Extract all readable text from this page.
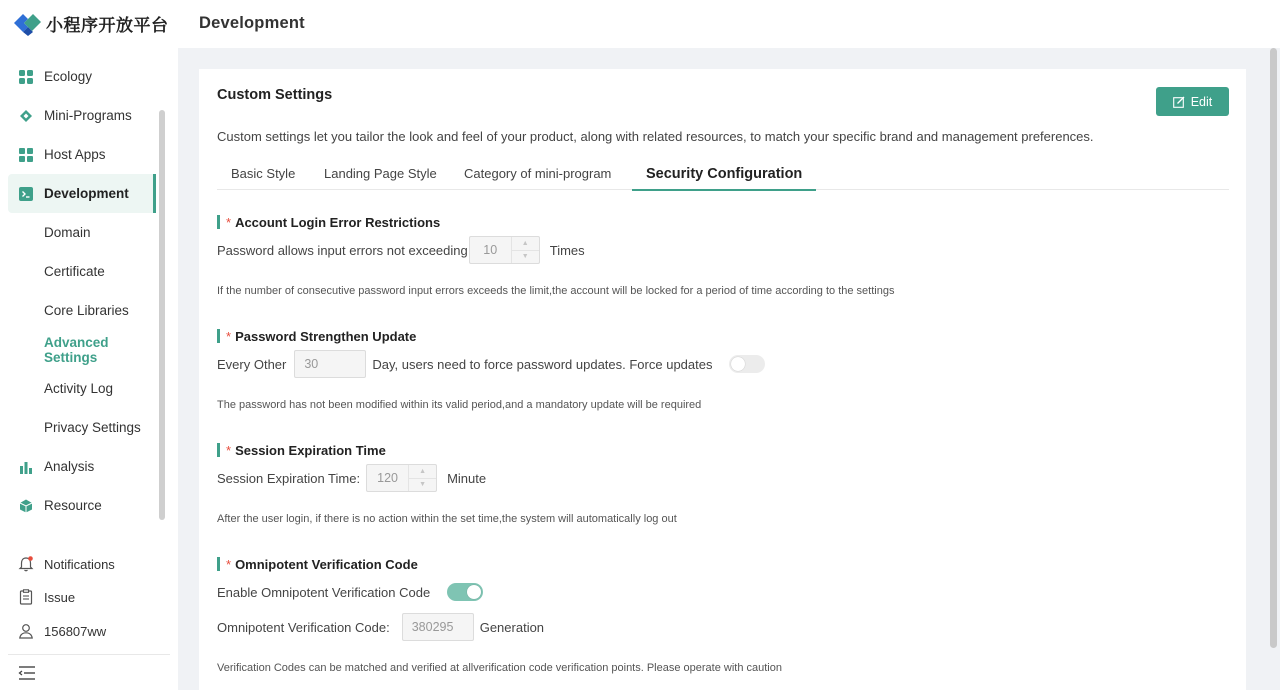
小程序开放平台
Ecology
Mini-Programs
Host Apps
Development
Domain
Certificate
Core Libraries
Advanced Settings
Activity Log
Privacy Settings
Analysis
Resource
Notifications
Issue
156807ww
Development
Custom Settings	Edit
Custom settings let you tailor the look and feel of your product, along with related resources, to match your specific brand and management preferences.
Basic Style Landing Page Style Category of mini-program Security Configuration
* Account Login Error Restrictions
Password allows input errors not exceeding	10	▲
▼	Times
If the number of consecutive password input errors exceeds the limit,the account will be locked for a period of time according to the settings
* Password Strengthen Update
Every Other	30	Day, users need to force password updates. Force updates
The password has not been modified within its valid period,and a mandatory update will be required
* Session Expiration Time
Session Expiration Time:	120	▲
▼	Minute
After the user login, if there is no action within the set time,the system will automatically log out
* Omnipotent Verification Code
Enable Omnipotent Verification Code
Omnipotent Verification Code:	380295	Generation
Verification Codes can be matched and verified at allverification code verification points. Please operate with caution
